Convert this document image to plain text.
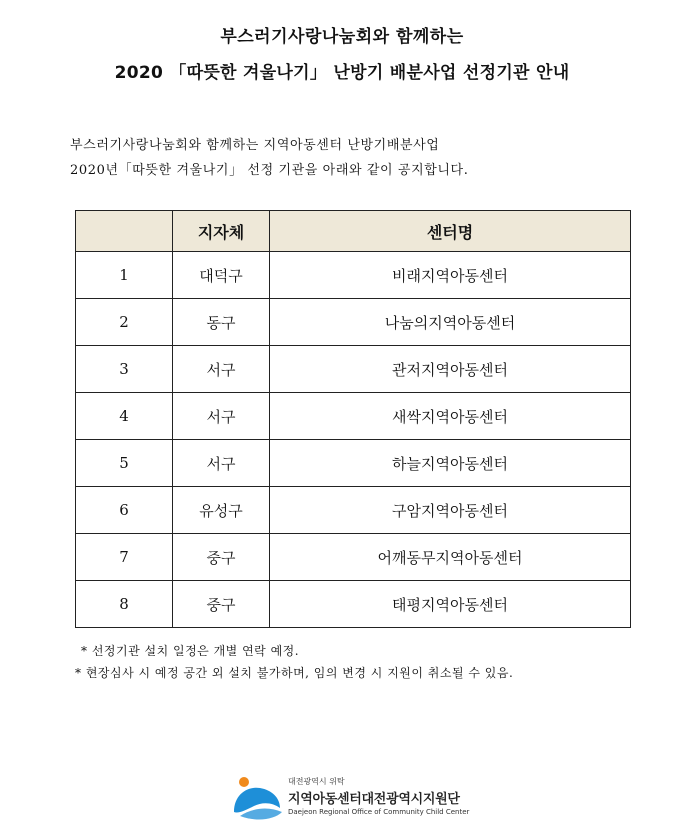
부스러기사랑나눔회와 함께하는
2020 「따뜻한 겨울나기」 난방기 배분사업 선정기관 안내
부스러기사랑나눔회와 함께하는 지역아동센터 난방기배분사업
2020년「따뜻한 겨울나기」 선정 기관을 아래와 같이 공지합니다.
	지자체	센터명
1	대덕구	비래지역아동센터
2	동구	나눔의지역아동센터
3	서구	관저지역아동센터
4	서구	새싹지역아동센터
5	서구	하늘지역아동센터
6	유성구	구암지역아동센터
7	중구	어깨동무지역아동센터
8	중구	태평지역아동센터
* 선정기관 설치 일정은 개별 연락 예정.
* 현장심사 시 예정 공간 외 설치 불가하며, 임의 변경 시 지원이 취소될 수 있음.
대전광역시 위탁
지역아동센터대전광역시지원단
Daejeon Regional Office of Community Child Center
